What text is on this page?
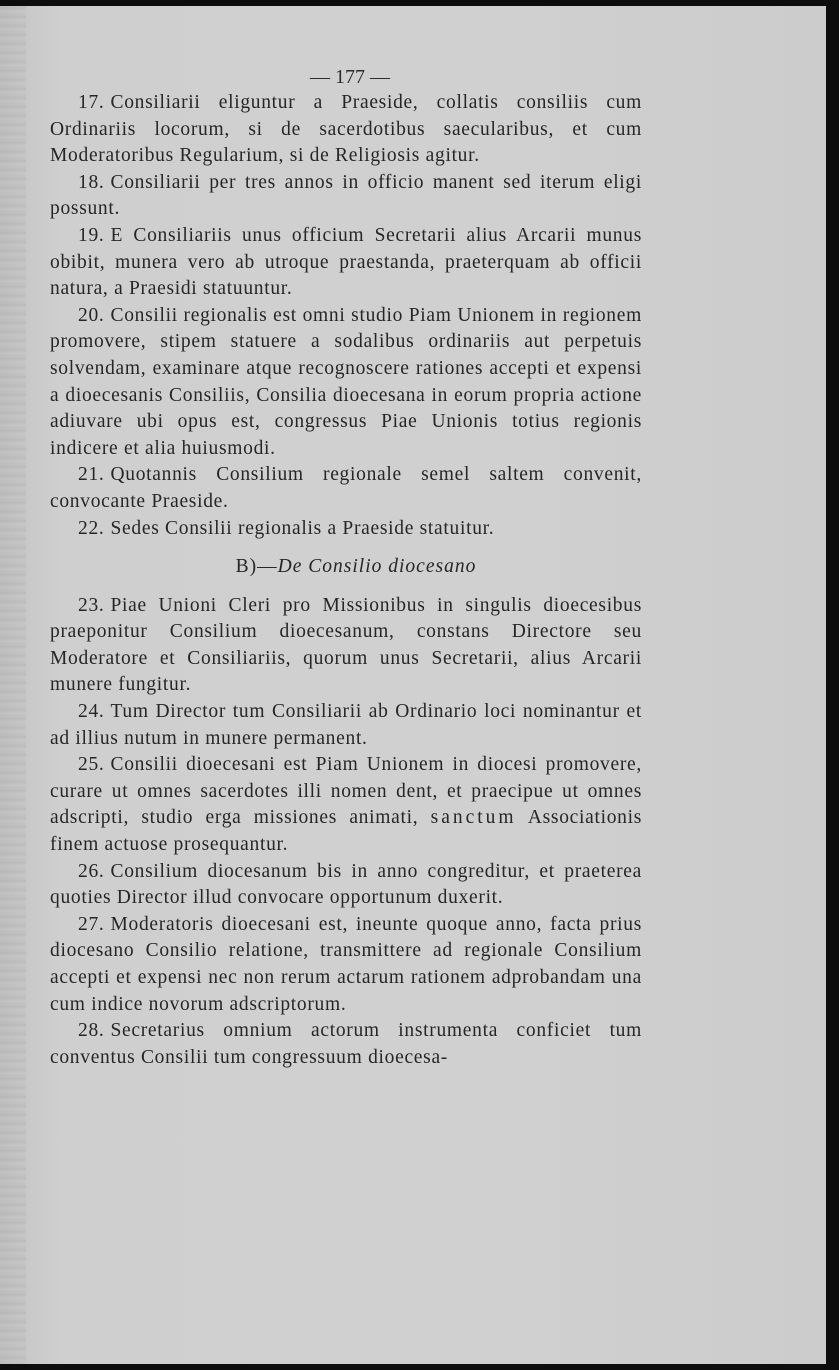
— 177 —

17. Consiliarii eliguntur a Praeside, collatis consiliis cum Ordinariis locorum, si de sacerdotibus saecularibus, et cum Moderatoribus Regularium, si de Religiosis agitur.

18. Consiliarii per tres annos in officio manent sed iterum eligi possunt.

19. E Consiliariis unus officium Secretarii alius Arcarii munus obibit, munera vero ab utroque praestanda, praeterquam ab officii natura, a Praesidi statuuntur.

20. Consilii regionalis est omni studio Piam Unionem in regionem promovere, stipem statuere a sodalibus ordinariis aut perpetuis solvendam, examinare atque recognoscere rationes accepti et expensi a dioecesanis Consiliis, Consilia dioecesana in eorum propria actione adiuvare ubi opus est, congressus Piae Unionis totius regionis indicere et alia huiusmodi.

21. Quotannis Consilium regionale semel saltem convenit, convocante Praeside.

22. Sedes Consilii regionalis a Praeside statuitur.

B)—De Consilio diocesano

23. Piae Unioni Cleri pro Missionibus in singulis dioecesibus praeponitur Consilium dioecesanum, constans Directore seu Moderatore et Consiliariis, quorum unus Secretarii, alius Arcarii munere fungitur.

24. Tum Director tum Consiliarii ab Ordinario loci nominantur et ad illius nutum in munere permanent.

25. Consilii dioecesani est Piam Unionem in diocesi promovere, curare ut omnes sacerdotes illi nomen dent, et praecipue ut omnes adscripti, studio erga missiones animati, sanctum Associationis finem actuose prosequantur.

26. Consilium diocesanum bis in anno congreditur, et praeterea quoties Director illud convocare opportunum duxerit.

27. Moderatoris dioecesani est, ineunte quoque anno, facta prius diocesano Consilio relatione, transmittere ad regionale Consilium accepti et expensi nec non rerum actarum rationem adprobandam una cum indice novorum adscriptorum.

28. Secretarius omnium actorum instrumenta conficiet tum conventus Consilii tum congressuum dioecesa-
